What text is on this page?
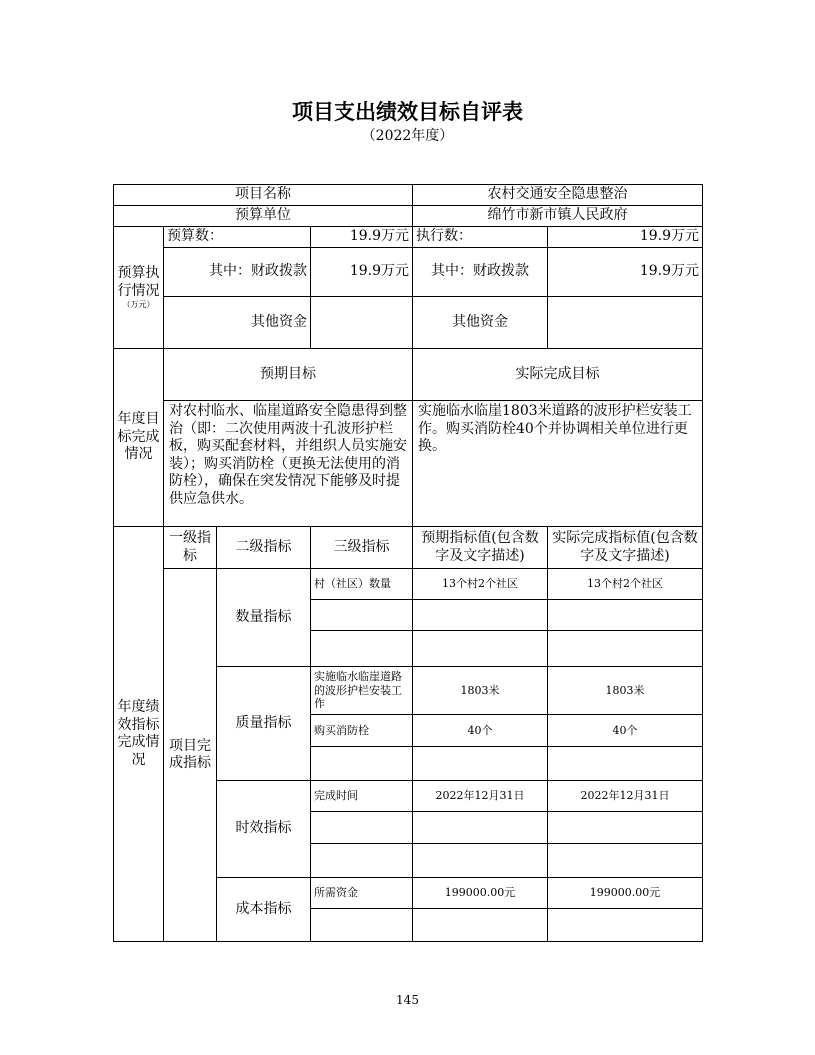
项目支出绩效目标自评表
（2022年度）
项目名称				农村交通安全隐患整治	
预算单位				绵竹市新市镇人民政府	

预算执行情况
（万元）	预算数：		19.9万元	执行数：	19.9万元
	其中：财政拨款		19.9万元	其中：财政拨款	19.9万元
	其他资金			其他资金	
年度目标完成情况	预期目标			实际完成目标	
	对农村临水、临崖道路安全隐患得到整治（即：二次使用两波十孔波形护栏板，购买配套材料，并组织人员实施安装）；购买消防栓（更换无法使用的消防栓），确保在突发情况下能够及时提供应急供水。			实施临水临崖1803米道路的波形护栏安装工作。购买消防栓40个并协调相关单位进行更换。	
年度绩效指标完成情况	一级指标	二级指标	三级指标	预期指标值(包含数字及文字描述)	实际完成指标值(包含数字及文字描述)
	项目完成指标	数量指标	村（社区）数量	13个村2个社区	13个村2个社区

		质量指标	实施临水临崖道路的波形护栏安装工作	1803米	1803米
			购买消防栓	40个	40个

		时效指标	完成时间	2022年12月31日	2022年12月31日

		成本指标	所需资金	199000.00元	199000.00元

145
